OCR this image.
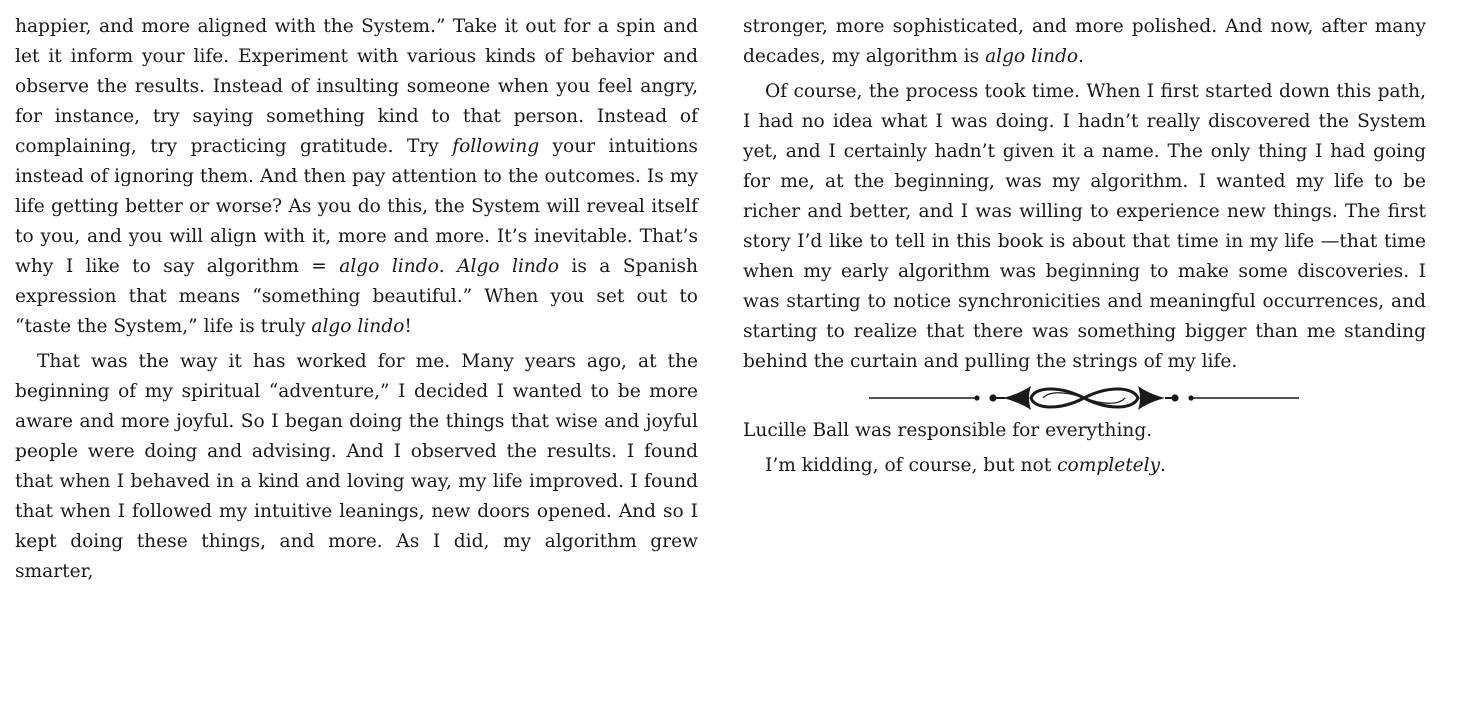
happier, and more aligned with the System.” Take it out for a spin and let it inform your life. Experiment with various kinds of behavior and observe the results. Instead of insulting someone when you feel angry, for instance, try saying something kind to that person. Instead of complaining, try practicing gratitude. Try following your intuitions instead of ignoring them. And then pay attention to the outcomes. Is my life getting better or worse? As you do this, the System will reveal itself to you, and you will align with it, more and more. It’s inevitable. That’s why I like to say algorithm = algo lindo. Algo lindo is a Spanish expression that means “something beautiful.” When you set out to “taste the System,” life is truly algo lindo!

That was the way it has worked for me. Many years ago, at the beginning of my spiritual “adventure,” I decided I wanted to be more aware and more joyful. So I began doing the things that wise and joyful people were doing and advising. And I observed the results. I found that when I behaved in a kind and loving way, my life improved. I found that when I followed my intuitive leanings, new doors opened. And so I kept doing these things, and more. As I did, my algorithm grew smarter,

stronger, more sophisticated, and more polished. And now, after many decades, my algorithm is algo lindo.

Of course, the process took time. When I first started down this path, I had no idea what I was doing. I hadn’t really discovered the System yet, and I certainly hadn’t given it a name. The only thing I had going for me, at the beginning, was my algorithm. I wanted my life to be richer and better, and I was willing to experience new things. The first story I’d like to tell in this book is about that time in my life —that time when my early algorithm was beginning to make some discoveries. I was starting to notice synchronicities and meaningful occurrences, and starting to realize that there was something bigger than me standing behind the curtain and pulling the strings of my life.

Lucille Ball was responsible for everything.

I’m kidding, of course, but not completely.
